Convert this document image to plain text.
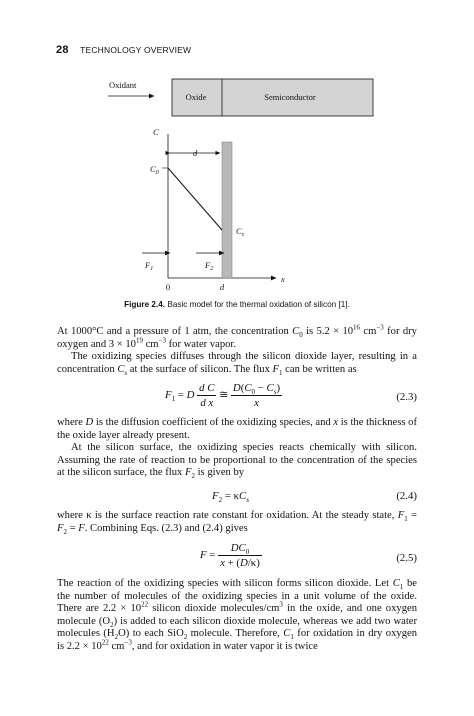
28 TECHNOLOGY OVERVIEW
Oxidant
Oxide	Semiconductor
C
x
d
$C_0$
$C_s$
$F_1$	$F_2$
0	d
Figure 2.4. Basic model for the thermal oxidation of silicon [1].

At 1000°C and a pressure of 1 atm, the concentration $C_0$ is $5.2 \times 10^{16}$ $cm^{-3}$ for dry oxygen and $3 \times 10^{19}$ $cm^{-3}$ for water vapor.

The oxidizing species diffuses through the silicon dioxide layer, resulting in a concentration $C_s$ at the surface of silicon. The flux $F_1$ can be written as

$F_1 = D \frac{\text{d C}}{\text{d x}}$ ≅ $\frac{D(C_0 - C_s)}{x}$	(2.3)

where D is the diffusion coefficient of the oxidizing species, and x is the thickness of the oxide layer already present.

At the silicon surface, the oxidizing species reacts chemically with silicon. Assuming the rate of reaction to be proportional to the concentration of the species at the silicon surface, the flux $F_2$ is given by

$F_2 = \kappa C_s$	(2.4)

where κ is the surface reaction rate constant for oxidation. At the steady state, $F_1 = F_2 = F$. Combining Eqs. (2.3) and (2.4) gives

$F = \frac{DC_0}{x + (D/\kappa)}$	(2.5)

The reaction of the oxidizing species with silicon forms silicon dioxide. Let $C_1$ be the number of molecules of the oxidizing species in a unit volume of the oxide. There are $2.2 \times 10^{22}$ silicon dioxide molecules/$cm^3$ in the oxide, and one oxygen molecule $(O_2)$ is added to each silicon dioxide molecule, whereas we add two water molecules $(H_2O)$ to each SiO$_2$ molecule. Therefore, $C_1$ for oxidation in dry oxygen is $2.2 \times 10^{22}$ $cm^{-3}$, and for oxidation in water vapor it is twice
